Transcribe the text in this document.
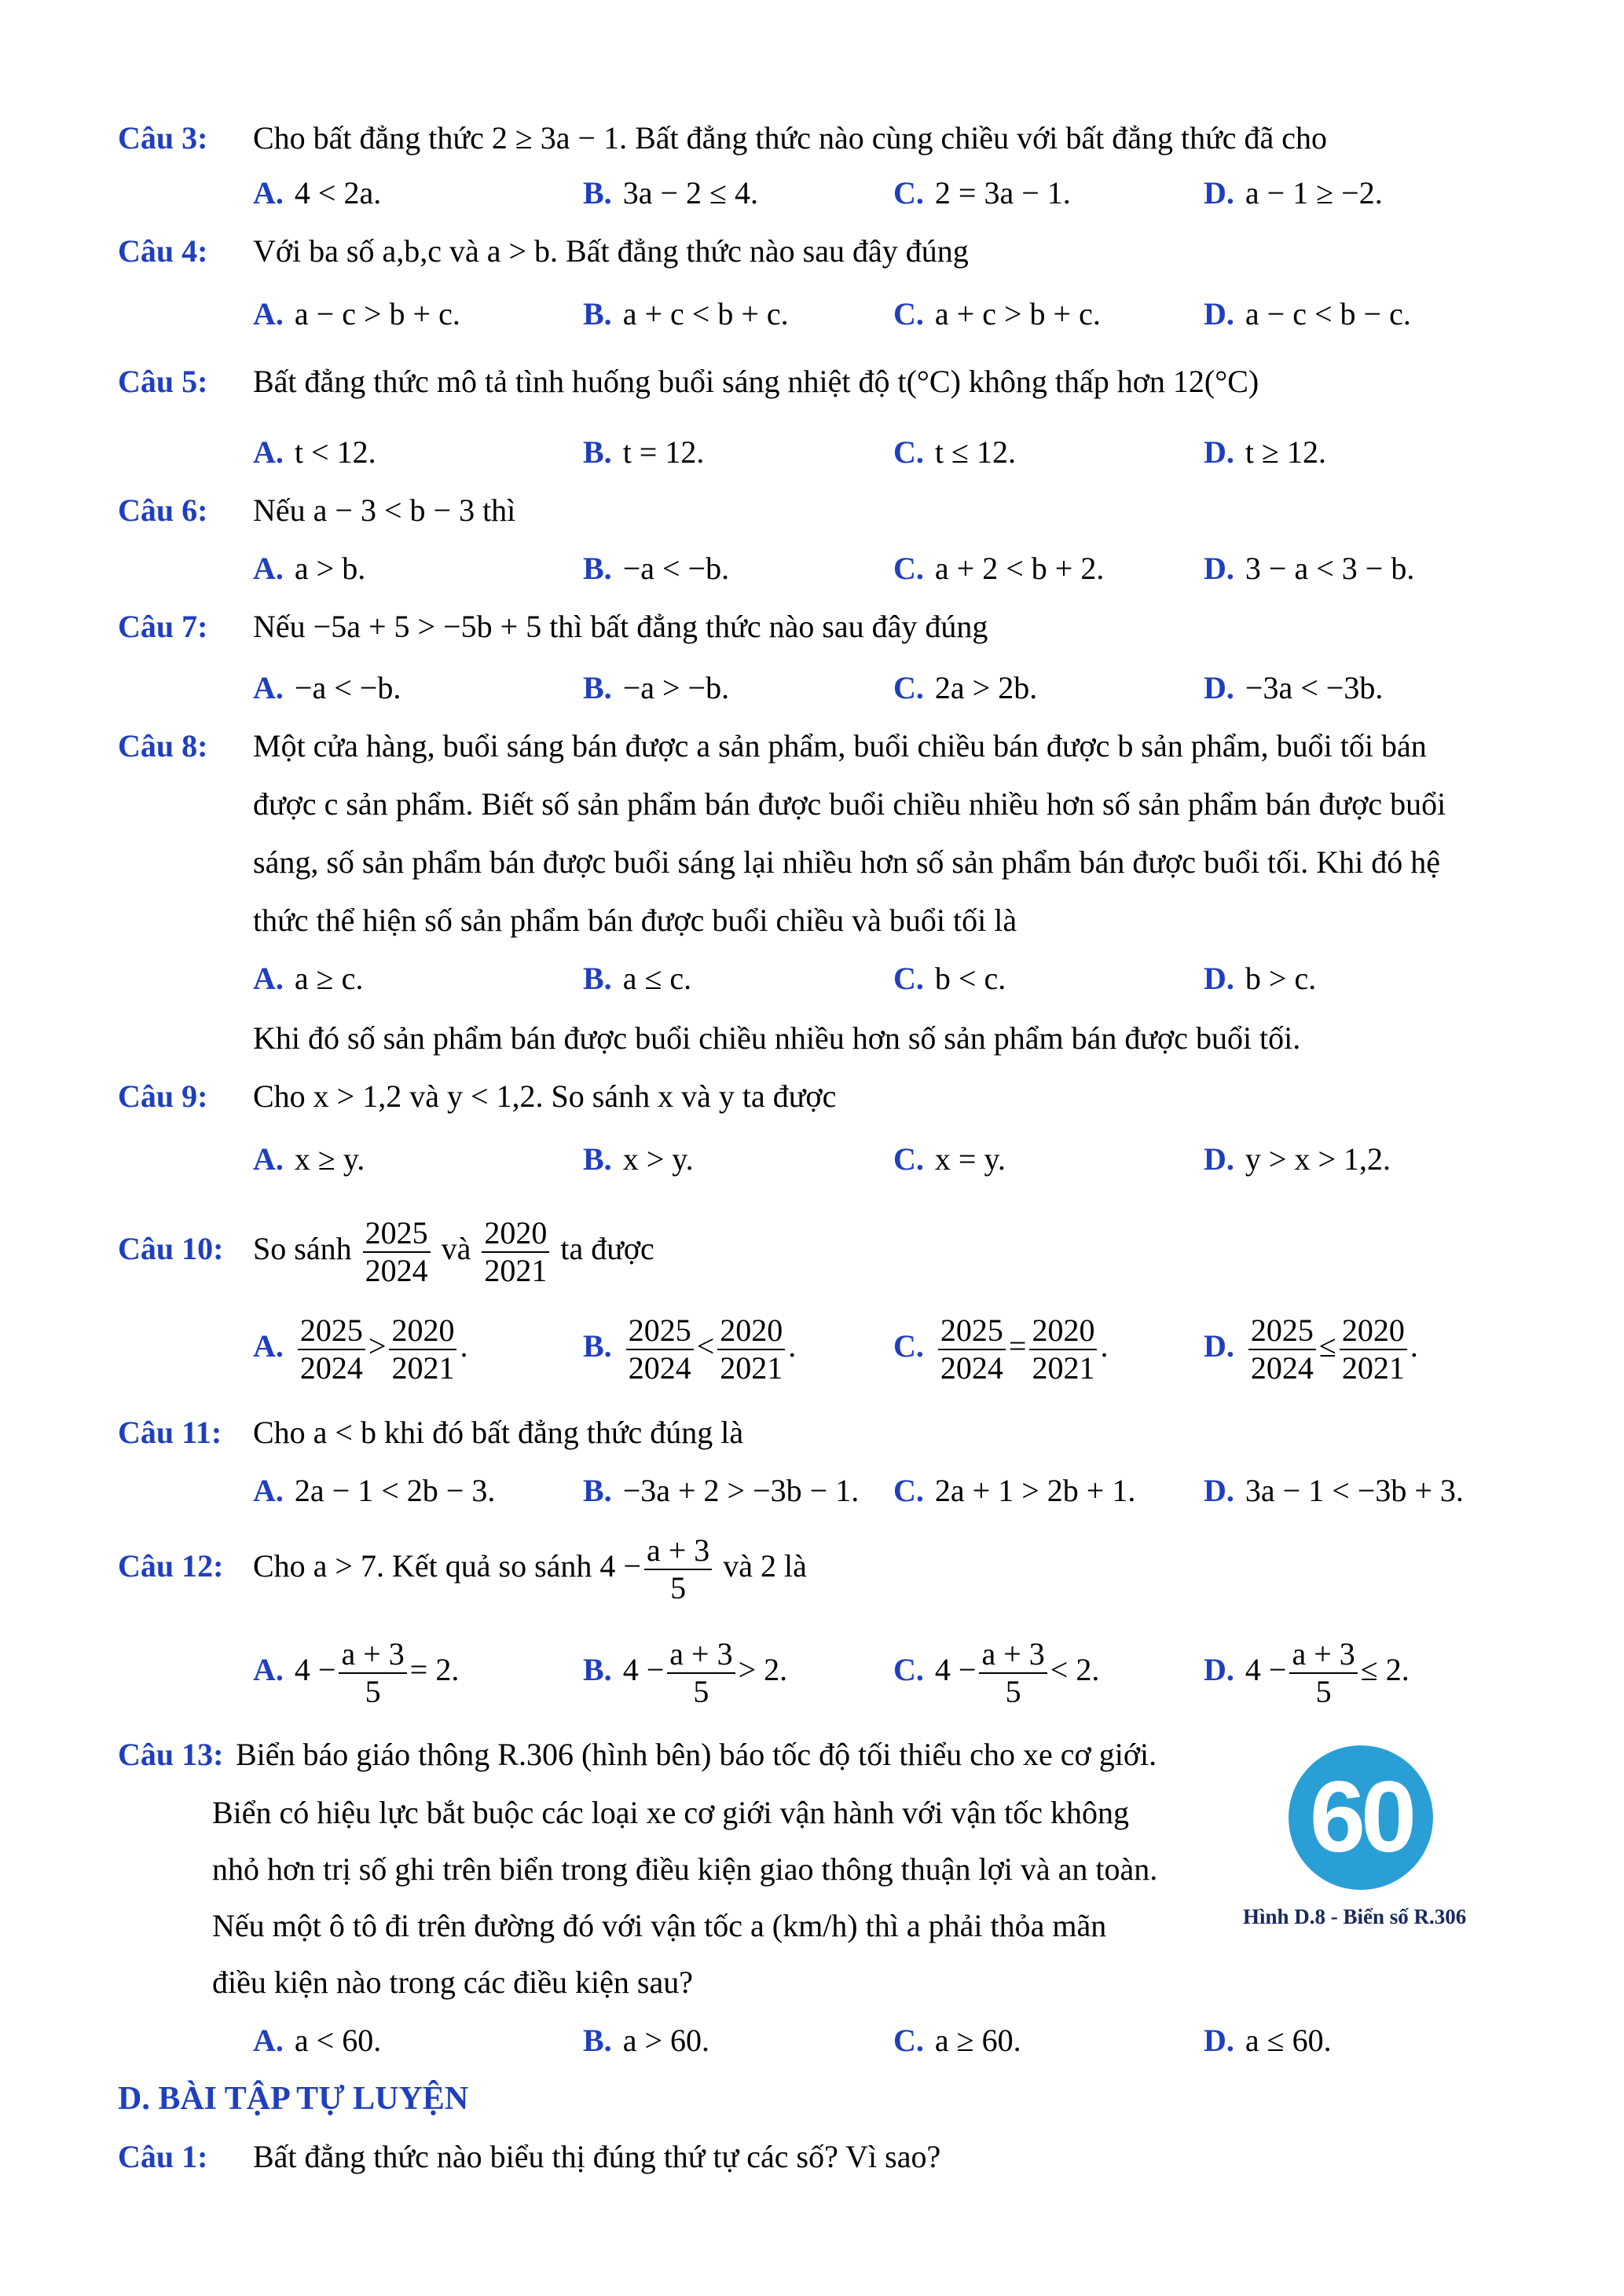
Câu 3: Cho bất đẳng thức 2 ≥ 3a − 1. Bất đẳng thức nào cùng chiều với bất đẳng thức đã cho
A. 4 < 2a.	B. 3a − 2 ≤ 4.	C. 2 = 3a − 1.	D. a − 1 ≥ −2.
Câu 4: Với ba số a,b,c và a > b. Bất đẳng thức nào sau đây đúng
A. a − c > b + c.	B. a + c < b + c.	C. a + c > b + c.	D. a − c < b − c.
Câu 5: Bất đẳng thức mô tả tình huống buổi sáng nhiệt độ t(°C) không thấp hơn 12(°C)
A. t < 12.	B. t = 12.	C. t ≤ 12.	D. t ≥ 12.
Câu 6: Nếu a − 3 < b − 3 thì
A. a > b.	B. −a < −b.	C. a + 2 < b + 2.	D. 3 − a < 3 − b.
Câu 7: Nếu −5a + 5 > −5b + 5 thì bất đẳng thức nào sau đây đúng
A. −a < −b.	B. −a > −b.	C. 2a > 2b.	D. −3a < −3b.
Câu 8: Một cửa hàng, buổi sáng bán được a sản phẩm, buổi chiều bán được b sản phẩm, buổi tối bán
được c sản phẩm. Biết số sản phẩm bán được buổi chiều nhiều hơn số sản phẩm bán được buổi
sáng, số sản phẩm bán được buổi sáng lại nhiều hơn số sản phẩm bán được buổi tối. Khi đó hệ
thức thể hiện số sản phẩm bán được buổi chiều và buổi tối là
A. a ≥ c.	B. a ≤ c.	C. b < c.	D. b > c.
Khi đó số sản phẩm bán được buổi chiều nhiều hơn số sản phẩm bán được buổi tối.
Câu 9: Cho x > 1,2 và y < 1,2. So sánh x và y ta được
A. x ≥ y.	B. x > y.	C. x = y.	D. y > x > 1,2.
Câu 10: So sánh $\frac{2025}{2024}$ và $\frac{2020}{2021}$ ta được
A. $\frac{2025}{2024} > \frac{2020}{2021}$ .	B. $\frac{2025}{2024} < \frac{2020}{2021}$ .	C. $\frac{2025}{2024} = \frac{2020}{2021}$ .	D. $\frac{2025}{2024} \le \frac{2020}{2021}$ .
Câu 11: Cho a < b khi đó bất đẳng thức đúng là
A. 2a − 1 < 2b − 3.	B. −3a + 2 > −3b − 1. C. 2a + 1 > 2b + 1. D. 3a − 1 < −3b + 3.
Câu 12: Cho a > 7. Kết quả so sánh $4 - \frac{a + 3}{5}$ và 2 là
A. $4 - \frac{a + 3}{5} = 2$.	B. $4 - \frac{a + 3}{5} > 2$.	C. $4 - \frac{a + 3}{5} < 2$.	D. $4 - \frac{a + 3}{5} \le 2$.
Câu 13: Biển báo giáo thông R.306 (hình bên) báo tốc độ tối thiểu cho xe cơ giới.
Biển có hiệu lực bắt buộc các loại xe cơ giới vận hành với vận tốc không
nhỏ hơn trị số ghi trên biển trong điều kiện giao thông thuận lợi và an toàn.
Nếu một ô tô đi trên đường đó với vận tốc a (km/h) thì a phải thỏa mãn
điều kiện nào trong các điều kiện sau?
60
Hình D.8 - Biển số R.306
A. a < 60.	B. a > 60.	C. a ≥ 60.	D. a ≤ 60.
D. BÀI TẬP TỰ LUYỆN
Câu 1: Bất đẳng thức nào biểu thị đúng thứ tự các số? Vì sao?
